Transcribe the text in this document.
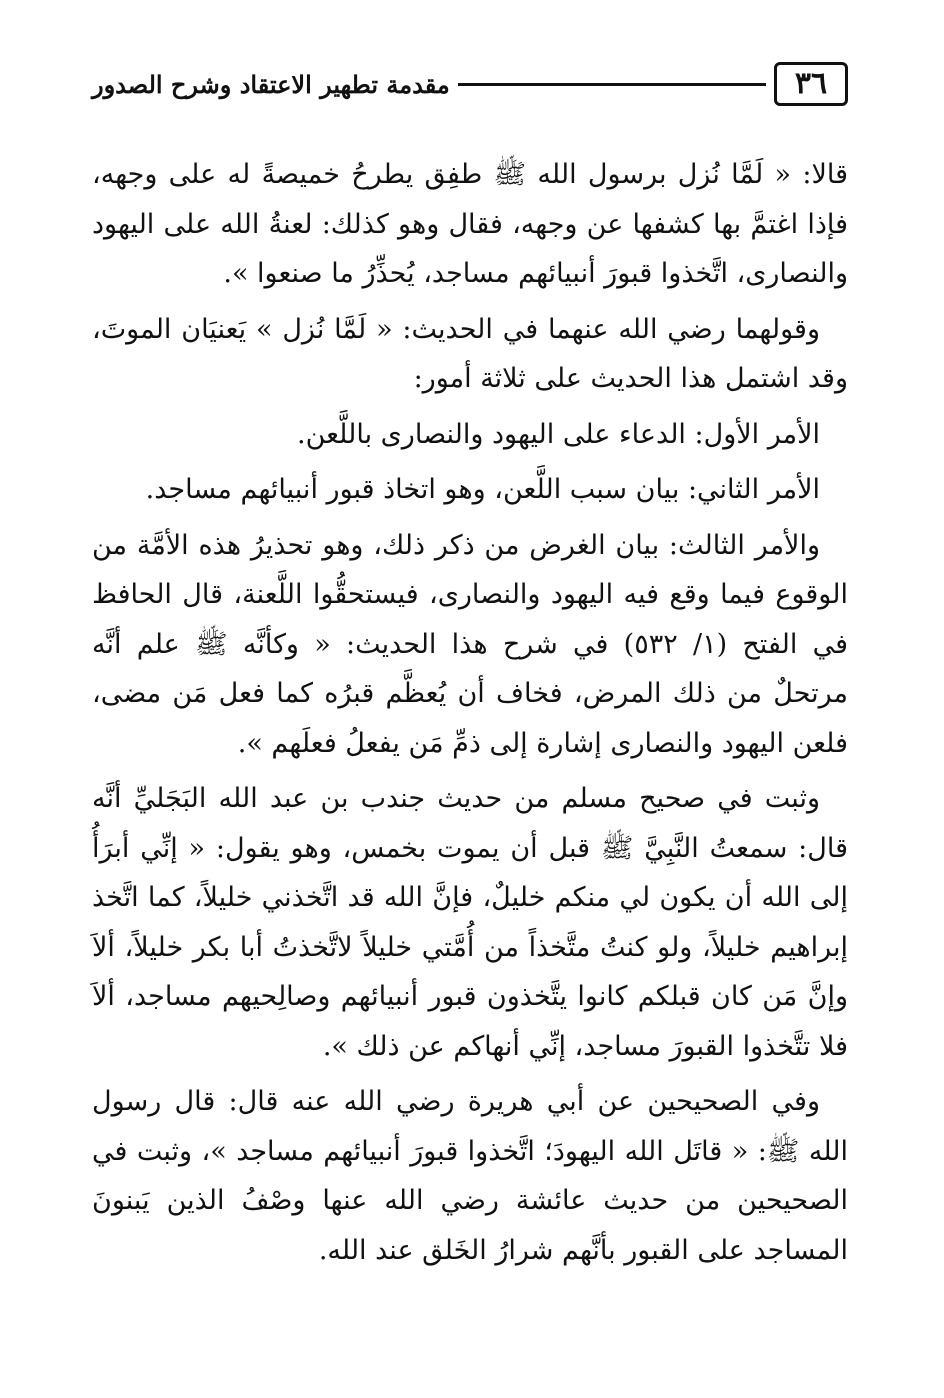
٣٦
مقدمة تطهير الاعتقاد وشرح الصدور

قالا: « لَمَّا نُزل برسول الله ﷺ طفِق يطرحُ خميصةً له على وجهه، فإذا اغتمَّ بها كشفها عن وجهه، فقال وهو كذلك: لعنةُ الله على اليهود والنصارى، اتَّخذوا قبورَ أنبيائهم مساجد، يُحذِّرُ ما صنعوا ».

وقولهما رضي الله عنهما في الحديث: « لَمَّا نُزل » يَعنيَان الموتَ، وقد اشتمل هذا الحديث على ثلاثة أمور:

الأمر الأول: الدعاء على اليهود والنصارى باللَّعن.

الأمر الثاني: بيان سبب اللَّعن، وهو اتخاذ قبور أنبيائهم مساجد.

والأمر الثالث: بيان الغرض من ذكر ذلك، وهو تحذيرُ هذه الأمَّة من الوقوع فيما وقع فيه اليهود والنصارى، فيستحقُّوا اللَّعنة، قال الحافظ في الفتح (١/ ٥٣٢) في شرح هذا الحديث: « وكأنَّه ﷺ علم أنَّه مرتحلٌ من ذلك المرض، فخاف أن يُعظَّم قبرُه كما فعل مَن مضى، فلعن اليهود والنصارى إشارة إلى ذمِّ مَن يفعلُ فعلَهم ».

وثبت في صحيح مسلم من حديث جندب بن عبد الله البَجَليِّ أنَّه قال: سمعتُ النَّبِيَّ ﷺ قبل أن يموت بخمس، وهو يقول: « إنِّي أبرَأُ إلى الله أن يكون لي منكم خليلٌ، فإنَّ الله قد اتَّخذني خليلاً، كما اتَّخذ إبراهيم خليلاً، ولو كنتُ متَّخذاً من أُمَّتي خليلاً لاتَّخذتُ أبا بكر خليلاً، ألاَ وإنَّ مَن كان قبلكم كانوا يتَّخذون قبور أنبيائهم وصالِحيهم مساجد، ألاَ فلا تتَّخذوا القبورَ مساجد، إنِّي أنهاكم عن ذلك ».

وفي الصحيحين عن أبي هريرة رضي الله عنه قال: قال رسول الله ﷺ: « قاتَل الله اليهودَ؛ اتَّخذوا قبورَ أنبيائهم مساجد »، وثبت في الصحيحين من حديث عائشة رضي الله عنها وصْفُ الذين يَبنونَ المساجد على القبور بأنَّهم شرارُ الخَلق عند الله.
